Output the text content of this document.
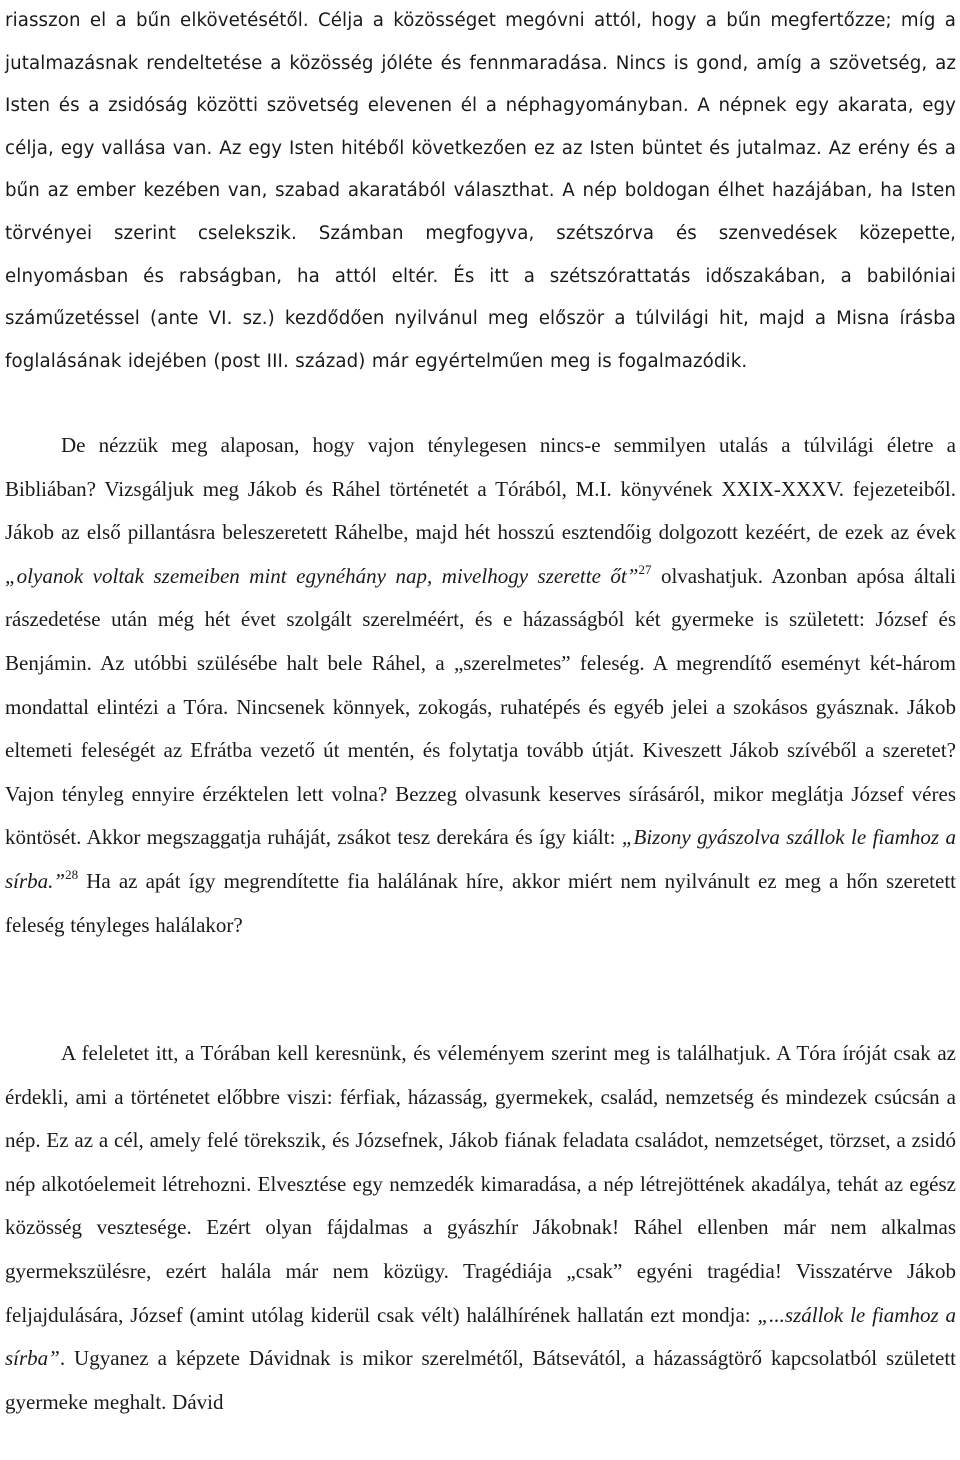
riasszon el a bűn elkövetésétől. Célja a közösséget megóvni attól, hogy a bűn megfertőzze; míg a jutalmazásnak rendeltetése a közösség jóléte és fennmaradása. Nincs is gond, amíg a szövetség, az Isten és a zsidóság közötti szövetség elevenen él a néphagyományban. A népnek egy akarata, egy célja, egy vallása van. Az egy Isten hitéből következően ez az Isten büntet és jutalmaz. Az erény és a bűn az ember kezében van, szabad akaratából választhat. A nép boldogan élhet hazájában, ha Isten törvényei szerint cselekszik. Számban megfogyva, szétszórva és szenvedések közepette, elnyomásban és rabságban, ha attól eltér. És itt a szétszórattatás időszakában, a babilóniai száműzetéssel (ante VI. sz.) kezdődően nyilvánul meg először a túlvilági hit, majd a Misna írásba foglalásának idejében (post III. század) már egyértelműen meg is fogalmazódik.

De nézzük meg alaposan, hogy vajon ténylegesen nincs-e semmilyen utalás a túlvilági életre a Bibliában? Vizsgáljuk meg Jákob és Ráhel történetét a Tórából, M.I. könyvének XXIX-XXXV. fejezeteiből. Jákob az első pillantásra beleszeretett Ráhelbe, majd hét hosszú esztendőig dolgozott kezéért, de ezek az évek „olyanok voltak szemeiben mint egynéhány nap, mivelhogy szerette őt”$^{27}$ olvashatjuk. Azonban apósa általi rászedetése után még hét évet szolgált szerelméért, és e házasságból két gyermeke is született: József és Benjámin. Az utóbbi szülésébe halt bele Ráhel, a „szerelmetes” feleség. A megrendítő eseményt két-három mondattal elintézi a Tóra. Nincsenek könnyek, zokogás, ruhatépés és egyéb jelei a szokásos gyásznak. Jákob eltemeti feleségét az Efrátba vezető út mentén, és folytatja tovább útját. Kiveszett Jákob szívéből a szeretet? Vajon tényleg ennyire érzéktelen lett volna? Bezzeg olvasunk keserves sírásáról, mikor meglátja József véres köntösét. Akkor megszaggatja ruháját, zsákot tesz derekára és így kiált: „Bizony gyászolva szállok le fiamhoz a sírba.”$^{28}$ Ha az apát így megrendítette fia halálának híre, akkor miért nem nyilvánult ez meg a hőn szeretett feleség tényleges halálakor?

A feleletet itt, a Tórában kell keresnünk, és véleményem szerint meg is találhatjuk. A Tóra íróját csak az érdekli, ami a történetet előbbre viszi: férfiak, házasság, gyermekek, család, nemzetség és mindezek csúcsán a nép. Ez az a cél, amely felé törekszik, és Józsefnek, Jákob fiának feladata családot, nemzetséget, törzset, a zsidó nép alkotóelemeit létrehozni. Elvesztése egy nemzedék kimaradása, a nép létrejöttének akadálya, tehát az egész közösség vesztesége. Ezért olyan fájdalmas a gyászhír Jákobnak! Ráhel ellenben már nem alkalmas gyermekszülésre, ezért halála már nem közügy. Tragédiája „csak” egyéni tragédia! Visszatérve Jákob feljajdulására, József (amint utólag kiderül csak vélt) halálhírének hallatán ezt mondja: „...szállok le fiamhoz a sírba”. Ugyanez a képzete Dávidnak is mikor szerelmétől, Bátsevától, a házasságtörő kapcsolatból született gyermeke meghalt. Dávid
